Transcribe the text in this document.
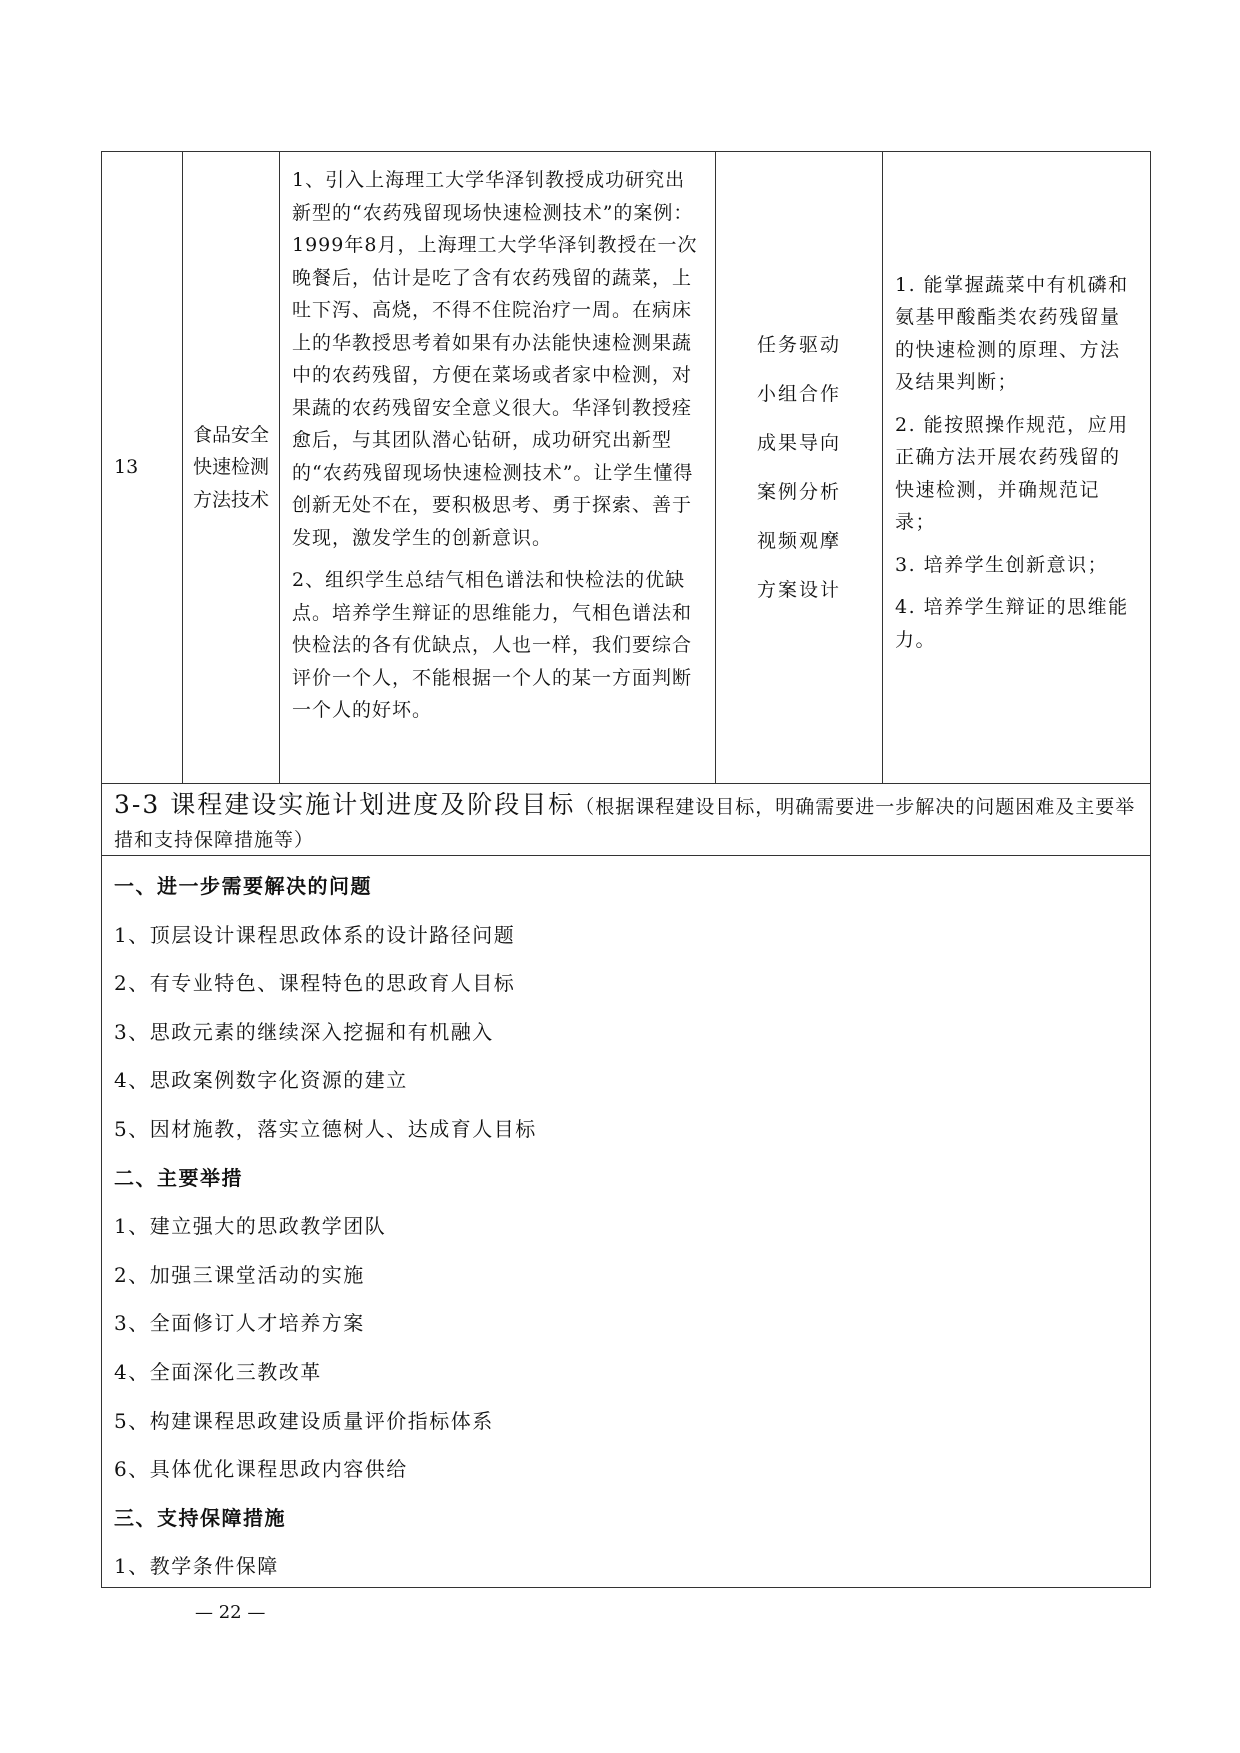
13
食品安全快速检测方法技术

1、引入上海理工大学华泽钊教授成功研究出新型的“农药残留现场快速检测技术”的案例：1999年8月，上海理工大学华泽钊教授在一次晚餐后，估计是吃了含有农药残留的蔬菜，上吐下泻、高烧，不得不住院治疗一周。在病床上的华教授思考着如果有办法能快速检测果蔬中的农药残留，方便在菜场或者家中检测，对果蔬的农药残留安全意义很大。华泽钊教授痊愈后，与其团队潜心钻研，成功研究出新型的“农药残留现场快速检测技术”。让学生懂得创新无处不在，要积极思考、勇于探索、善于发现，激发学生的创新意识。

2、组织学生总结气相色谱法和快检法的优缺点。培养学生辩证的思维能力，气相色谱法和快检法的各有优缺点，人也一样，我们要综合评价一个人，不能根据一个人的某一方面判断一个人的好坏。

任务驱动
小组合作
成果导向
案例分析
视频观摩
方案设计

1. 能掌握蔬菜中有机磷和氨基甲酸酯类农药残留量的快速检测的原理、方法及结果判断；

2. 能按照操作规范，应用正确方法开展农药残留的快速检测，并确规范记录；

3. 培养学生创新意识；

4. 培养学生辩证的思维能力。

3-3 课程建设实施计划进度及阶段目标（根据课程建设目标，明确需要进一步解决的问题困难及主要举措和支持保障措施等）
一、进一步需要解决的问题
1、顶层设计课程思政体系的设计路径问题
2、有专业特色、课程特色的思政育人目标
3、思政元素的继续深入挖掘和有机融入
4、思政案例数字化资源的建立
5、因材施教，落实立德树人、达成育人目标
二、主要举措
1、建立强大的思政教学团队
2、加强三课堂活动的实施
3、全面修订人才培养方案
4、全面深化三教改革
5、构建课程思政建设质量评价指标体系
6、具体优化课程思政内容供给
三、支持保障措施
1、教学条件保障
— 22 —
